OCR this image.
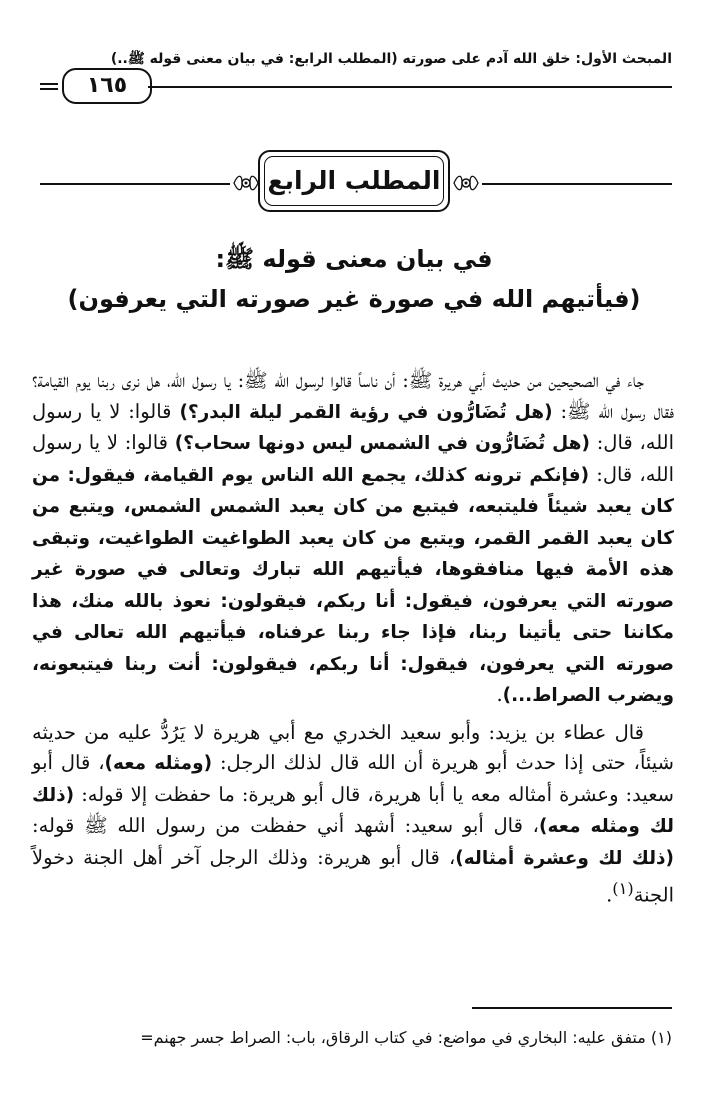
المبحث الأول: خلق الله آدم على صورته (المطلب الرابع: في بيان معنى قوله ﷺ..)
١٦٥
المطلب الرابع
في بيان معنى قوله ﷺ:
(فيأتيهم الله في صورة غير صورته التي يعرفون)

جاء في الصحيحين من حديث أبي هريرة ﷺ: أن ناساً قالوا لرسول الله ﷺ: يا رسول الله، هل نرى ربنا يوم القيامة؟ فقال رسول الله ﷺ: (هل تُضَارُّون في رؤية القمر ليلة البدر؟) قالوا: لا يا رسول الله، قال: (هل تُضَارُّون في الشمس ليس دونها سحاب؟) قالوا: لا يا رسول الله، قال: (فإنكم ترونه كذلك، يجمع الله الناس يوم القيامة، فيقول: من كان يعبد شيئاً فليتبعه، فيتبع من كان يعبد الشمس الشمس، ويتبع من كان يعبد القمر القمر، ويتبع من كان يعبد الطواغيت الطواغيت، وتبقى هذه الأمة فيها منافقوها، فيأتيهم الله تبارك وتعالى في صورة غير صورته التي يعرفون، فيقول: أنا ربكم، فيقولون: نعوذ بالله منك، هذا مكاننا حتى يأتينا ربنا، فإذا جاء ربنا عرفناه، فيأتيهم الله تعالى في صورته التي يعرفون، فيقول: أنا ربكم، فيقولون: أنت ربنا فيتبعونه، ويضرب الصراط...).

قال عطاء بن يزيد: وأبو سعيد الخدري مع أبي هريرة لا يَرُدُّ عليه من حديثه شيئاً، حتى إذا حدث أبو هريرة أن الله قال لذلك الرجل: (ومثله معه)، قال أبو سعيد: وعشرة أمثاله معه يا أبا هريرة، قال أبو هريرة: ما حفظت إلا قوله: (ذلك لك ومثله معه)، قال أبو سعيد: أشهد أني حفظت من رسول الله ﷺ قوله: (ذلك لك وعشرة أمثاله)، قال أبو هريرة: وذلك الرجل آخر أهل الجنة دخولاً الجنة$^{(١)}$.

(١) متفق عليه: البخاري في مواضع: في كتاب الرقاق، باب: الصراط جسر جهنم=
